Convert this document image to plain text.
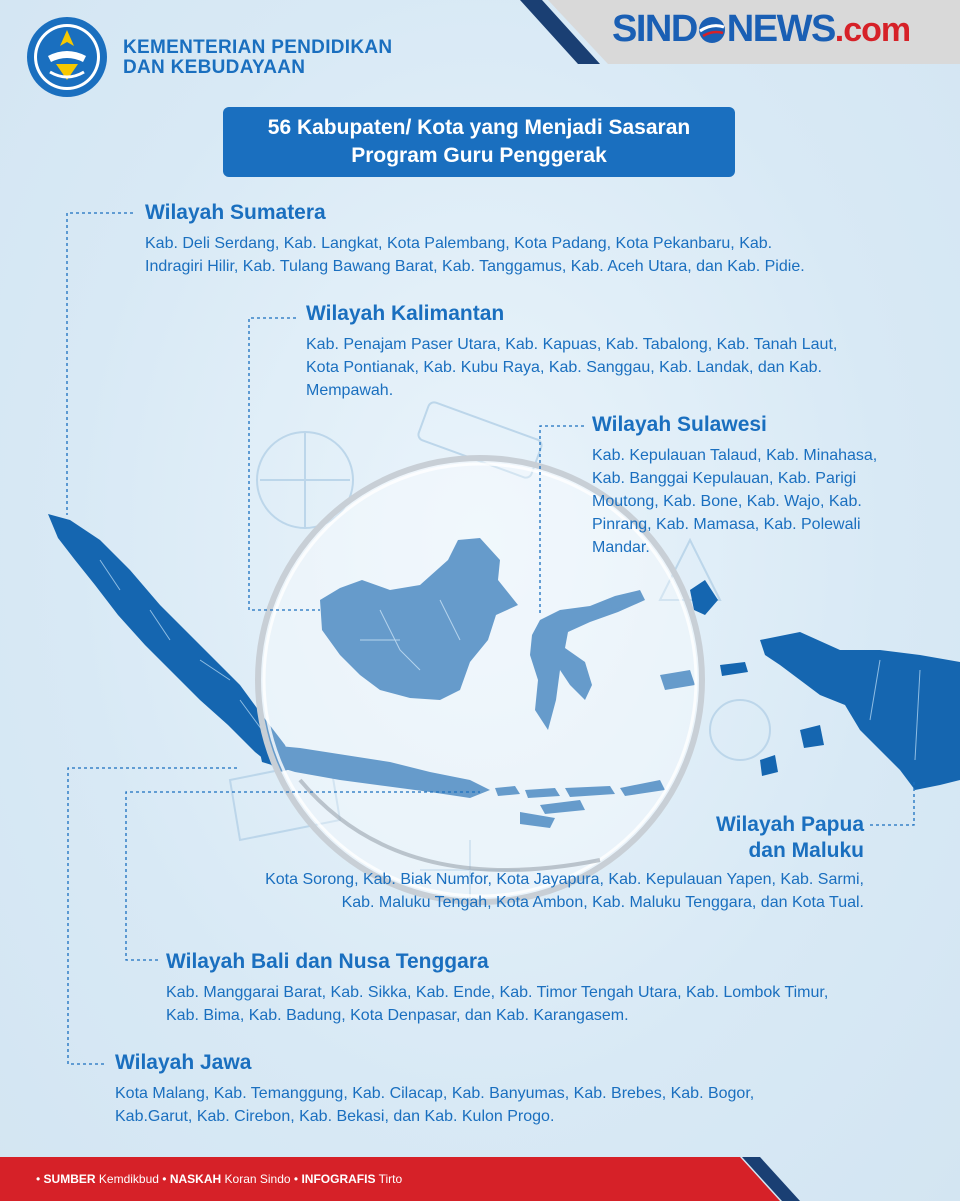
SIND NEWS.com
KEMENTERIAN PENDIDIKAN
DAN KEBUDAYAAN
56 Kabupaten/ Kota yang Menjadi Sasaran
Program Guru Penggerak
Wilayah Sumatera

Kab. Deli Serdang, Kab. Langkat, Kota Palembang, Kota Padang, Kota Pekanbaru, Kab.
Indragiri Hilir, Kab. Tulang Bawang Barat, Kab. Tanggamus, Kab. Aceh Utara, dan Kab. Pidie.

Wilayah Kalimantan

Kab. Penajam Paser Utara, Kab. Kapuas, Kab. Tabalong, Kab. Tanah Laut,
Kota Pontianak, Kab. Kubu Raya, Kab. Sanggau, Kab. Landak, dan Kab.
Mempawah.

Wilayah Sulawesi

Kab. Kepulauan Talaud, Kab. Minahasa,
Kab. Banggai Kepulauan, Kab. Parigi
Moutong, Kab. Bone, Kab. Wajo, Kab.
Pinrang, Kab. Mamasa, Kab. Polewali
Mandar.

Wilayah Papua
dan Maluku

Kota Sorong, Kab. Biak Numfor, Kota Jayapura, Kab. Kepulauan Yapen, Kab. Sarmi,
Kab. Maluku Tengah, Kota Ambon, Kab. Maluku Tenggara, dan Kota Tual.

Wilayah Bali dan Nusa Tenggara

Kab. Manggarai Barat, Kab. Sikka, Kab. Ende, Kab. Timor Tengah Utara, Kab. Lombok Timur,
Kab. Bima, Kab. Badung, Kota Denpasar, dan Kab. Karangasem.

Wilayah Jawa

Kota Malang, Kab. Temanggung, Kab. Cilacap, Kab. Banyumas, Kab. Brebes, Kab. Bogor,
Kab.Garut, Kab. Cirebon, Kab. Bekasi, dan Kab. Kulon Progo.

• SUMBER Kemdikbud • NASKAH Koran Sindo • INFOGRAFIS Tirto
